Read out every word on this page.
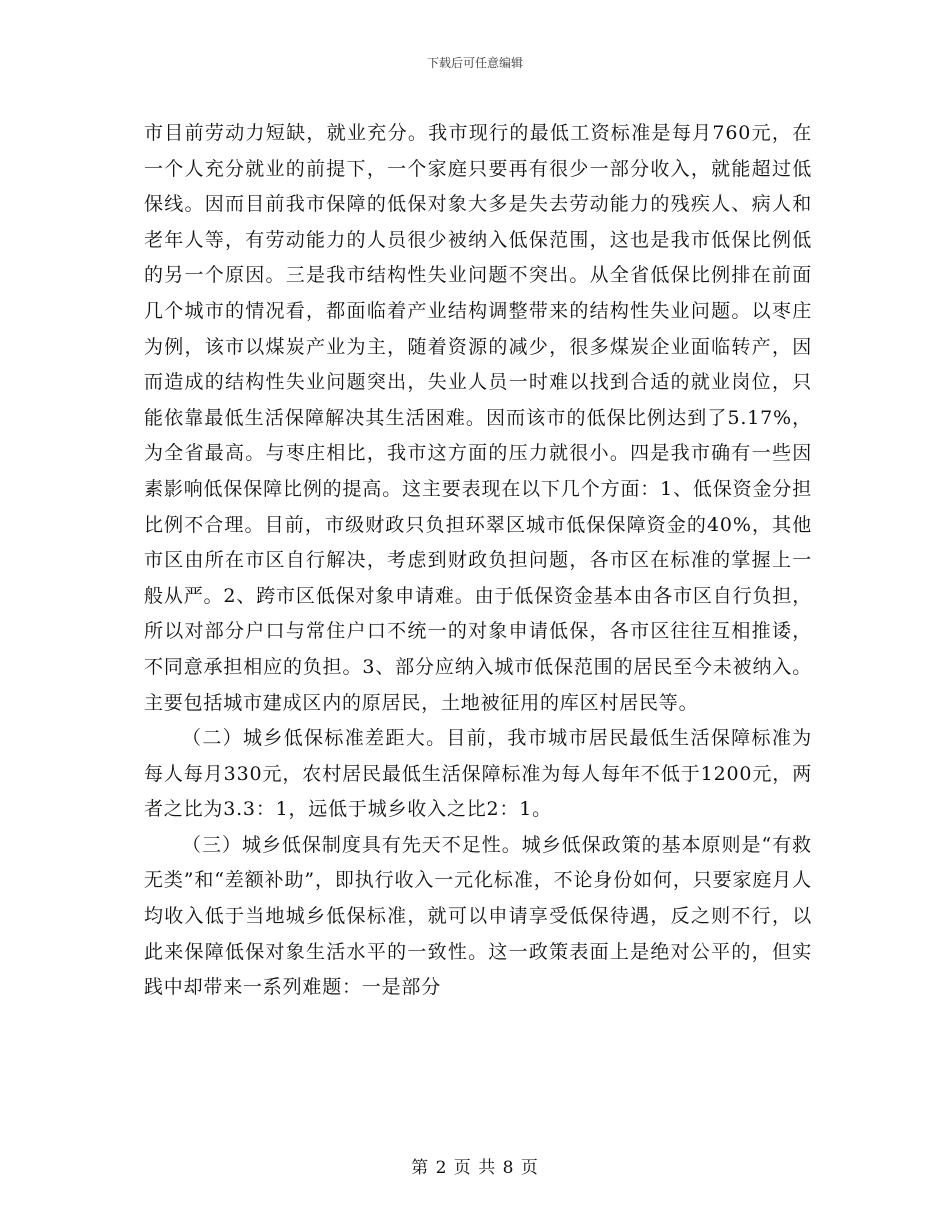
下载后可任意编辑

市目前劳动力短缺，就业充分。我市现行的最低工资标准是每月760元，在一个人充分就业的前提下，一个家庭只要再有很少一部分收入，就能超过低保线。因而目前我市保障的低保对象大多是失去劳动能力的残疾人、病人和老年人等，有劳动能力的人员很少被纳入低保范围，这也是我市低保比例低的另一个原因。三是我市结构性失业问题不突出。从全省低保比例排在前面几个城市的情况看，都面临着产业结构调整带来的结构性失业问题。以枣庄为例，该市以煤炭产业为主，随着资源的减少，很多煤炭企业面临转产，因而造成的结构性失业问题突出，失业人员一时难以找到合适的就业岗位，只能依靠最低生活保障解决其生活困难。因而该市的低保比例达到了5.17%，为全省最高。与枣庄相比，我市这方面的压力就很小。四是我市确有一些因素影响低保保障比例的提高。这主要表现在以下几个方面：1、低保资金分担比例不合理。目前，市级财政只负担环翠区城市低保保障资金的40%，其他市区由所在市区自行解决，考虑到财政负担问题，各市区在标准的掌握上一般从严。2、跨市区低保对象申请难。由于低保资金基本由各市区自行负担，所以对部分户口与常住户口不统一的对象申请低保，各市区往往互相推诿，不同意承担相应的负担。3、部分应纳入城市低保范围的居民至今未被纳入。主要包括城市建成区内的原居民，土地被征用的库区村居民等。

（二）城乡低保标准差距大。目前，我市城市居民最低生活保障标准为每人每月330元，农村居民最低生活保障标准为每人每年不低于1200元，两者之比为3.3：1，远低于城乡收入之比2：1。

（三）城乡低保制度具有先天不足性。城乡低保政策的基本原则是“有救无类”和“差额补助”，即执行收入一元化标准，不论身份如何，只要家庭月人均收入低于当地城乡低保标准，就可以申请享受低保待遇，反之则不行，以此来保障低保对象生活水平的一致性。这一政策表面上是绝对公平的，但实践中却带来一系列难题：一是部分

第 2 页 共 8 页
